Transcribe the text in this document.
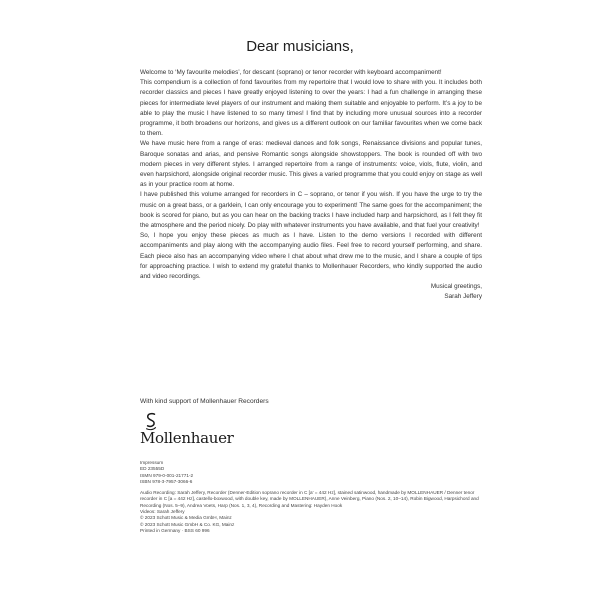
Dear musicians,

Welcome to ‘My favourite melodies’, for descant (soprano) or tenor recorder with keyboard accompaniment!

This compendium is a collection of fond favourites from my repertoire that I would love to share with you. It includes both recorder classics and pieces I have greatly enjoyed listening to over the years: I had a fun challenge in arranging these pieces for intermediate level players of our instrument and making them suitable and enjoyable to perform. It’s a joy to be able to play the music I have listened to so many times! I find that by including more unusual sources into a recorder programme, it both broadens our horizons, and gives us a different outlook on our familiar favourites when we come back to them.

We have music here from a range of eras: medieval dances and folk songs, Renaissance divisions and popular tunes, Baroque sonatas and arias, and pensive Romantic songs alongside showstoppers. The book is rounded off with two modern pieces in very different styles. I arranged repertoire from a range of instruments: voice, viols, flute, violin, and even harpsichord, alongside original recorder music. This gives a varied programme that you could enjoy on stage as well as in your practice room at home.

I have published this volume arranged for recorders in C – soprano, or tenor if you wish. If you have the urge to try the music on a great bass, or a garklein, I can only encourage you to experiment! The same goes for the accompaniment; the book is scored for piano, but as you can hear on the backing tracks I have included harp and harpsichord, as I felt they fit the atmosphere and the period nicely. Do play with whatever instruments you have available, and that fuel your creativity!

So, I hope you enjoy these pieces as much as I have. Listen to the demo versions I recorded with different accompaniments and play along with the accompanying audio files. Feel free to record yourself performing, and share. Each piece also has an accompanying video where I chat about what drew me to the music, and I share a couple of tips for approaching practice. I wish to extend my grateful thanks to Mollenhauer Recorders, who kindly supported the audio and video recordings.

Musical greetings,
Sarah Jeffery
With kind support of Mollenhauer Recorders
Mollenhauer
Impressum
ED 23555D
ISMN 979-0-001-21771-2
ISBN 978-3-7957-3066-6
Audio Recording: Sarah Jeffery, Recorder (Denner-Edition soprano recorder in C [a' = 442 Hz], stained satinwood, handmade by MOLLENHAUER / Denner tenor recorder in C [a = 442 Hz], castello-boxwood, with double key, made by MOLLENHAUER), Anne Veinberg, Piano (Nos. 2, 10–14), Robin Bigwood, Harpsichord and Recording (Nos. 5–9), Andrea Voets, Harp (Nos. 1, 3, 4), Recording and Mastering: Hayden Hook
Videos: Sarah Jeffery
© 2023 Schott Music & Media GmbH, Mainz
© 2023 Schott Music GmbH & Co. KG, Mainz
Printed in Germany · BSS 60 996
